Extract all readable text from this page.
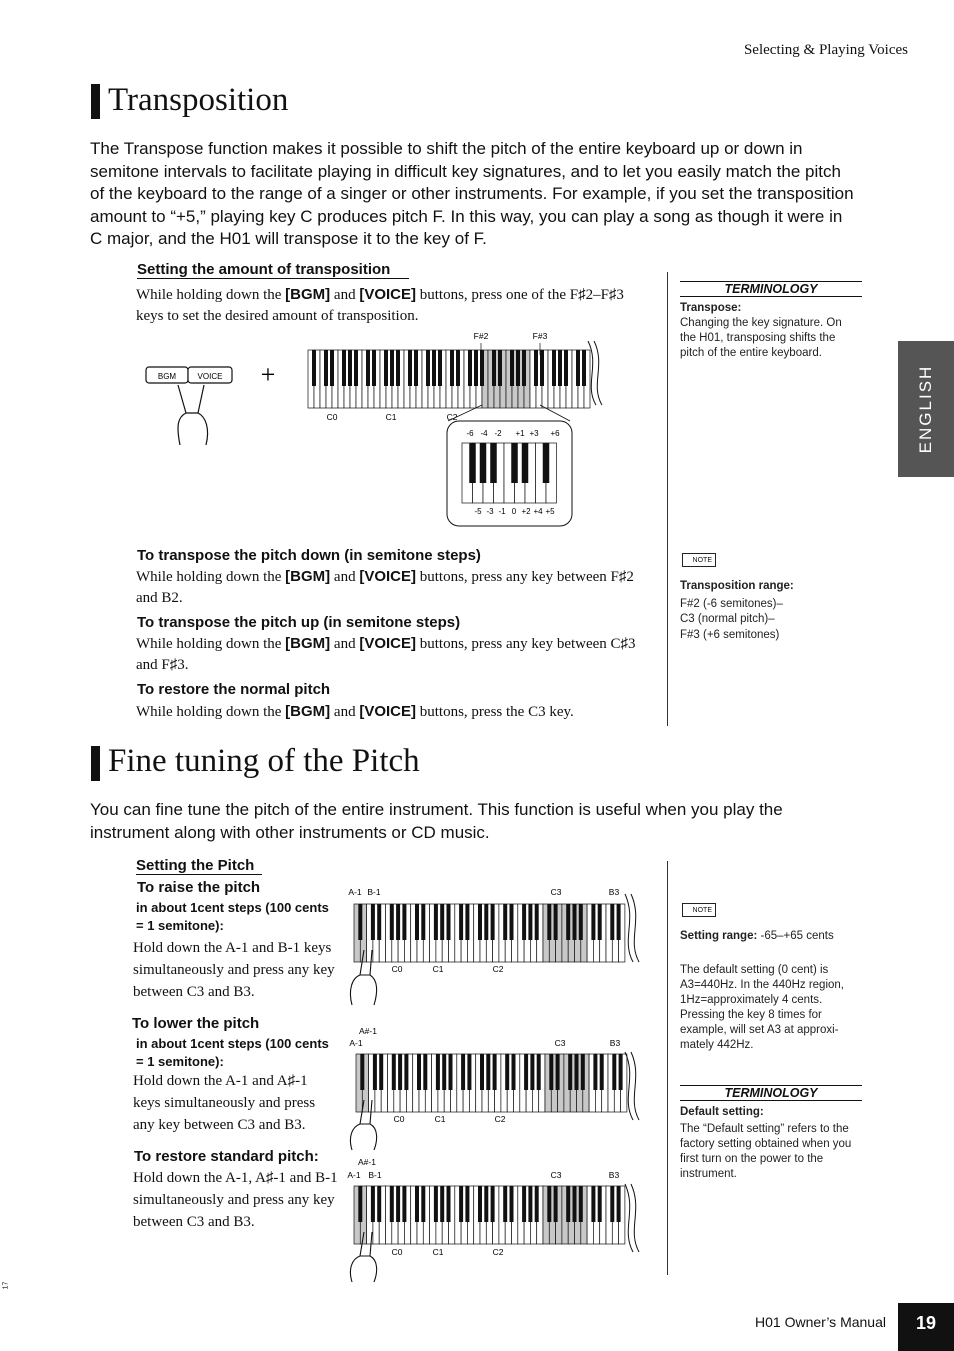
Selecting & Playing Voices
ENGLISH
Transposition
The Transpose function makes it possible to shift the pitch of the entire keyboard up or down in semitone intervals to facilitate playing in difficult key signatures, and to let you easily match the pitch of the keyboard to the range of a singer or other instruments. For example, if you set the transposition amount to “+5,” playing key C produces pitch F. In this way, you can play a song as though it were in C major, and the H01 will transpose it to the key of F.
Setting the amount of transposition
While holding down the [BGM] and [VOICE] buttons, press one of the F♯2–F♯3 keys to set the desired amount of transposition.
BGM	VOICE +
F#2	F#3
C0	C1	C2
-6 -4 -2 +1 +3 +6
-5 -3 -1 0 +2 +4 +5
To transpose the pitch down (in semitone steps)
While holding down the [BGM] and [VOICE] buttons, press any key between F♯2 and B2.
To transpose the pitch up (in semitone steps)
While holding down the [BGM] and [VOICE] buttons, press any key between C♯3 and F♯3.
To restore the normal pitch
While holding down the [BGM] and [VOICE] buttons, press the C3 key.
TERMINOLOGY
Transpose:
Changing the key signature. On the H01, transposing shifts the pitch of the entire keyboard.
NOTE
Transposition range:
F#2 (-6 semitones)–
C3 (normal pitch)–
F#3 (+6 semitones)
Fine tuning of the Pitch
You can fine tune the pitch of the entire instrument. This function is useful when you play the instrument along with other instruments or CD music.
Setting the Pitch
To raise the pitch
in about 1cent steps (100 cents = 1 semitone):
Hold down the A-1 and B-1 keys simultaneously and press any key between C3 and B3.
To lower the pitch
in about 1cent steps (100 cents = 1 semitone):
Hold down the A-1 and A♯-1 keys simultaneously and press any key between C3 and B3.
To restore standard pitch:
Hold down the A-1, A♯-1 and B-1 simultaneously and press any key between C3 and B3.
A-1 B-1	C3	B3
C0	C1	C2
A#-1
A-1	C3	B3
C0	C1	C2
A#-1
A-1 B-1	C3	B3
C0	C1	C2
NOTE
Setting range: -65–+65 cents
The default setting (0 cent) is A3=440Hz. In the 440Hz region, 1Hz=approximately 4 cents. Pressing the key 8 times for example, will set A3 at approxi-mately 442Hz.
TERMINOLOGY
Default setting:
The “Default setting” refers to the factory setting obtained when you first turn on the power to the instrument.
17
H01 Owner’s Manual	19
